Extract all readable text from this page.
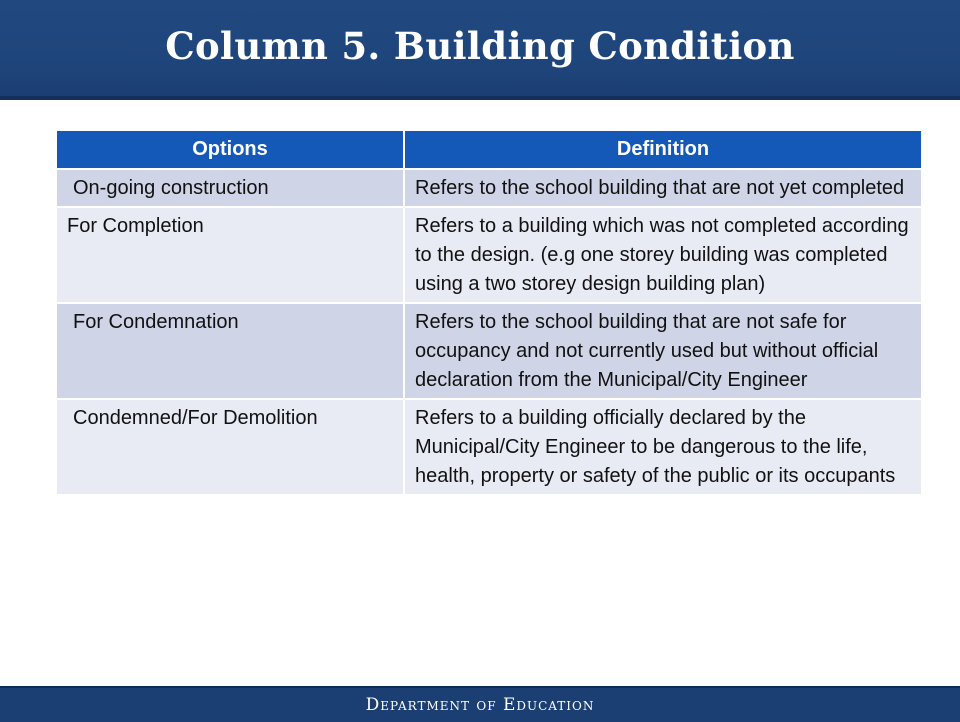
Column 5. Building Condition
Options	Definition
On-going construction	Refers to the school building that are not yet completed
For Completion	Refers to a building which was not completed according to the design. (e.g one storey building was completed using a two storey design building plan)
For Condemnation	Refers to the school building that are not safe for occupancy and not currently used but without official declaration from the Municipal/City Engineer
Condemned/For Demolition	Refers to a building officially declared by the Municipal/City Engineer to be dangerous to the life, health, property or safety of the public or its occupants
Department of Education
